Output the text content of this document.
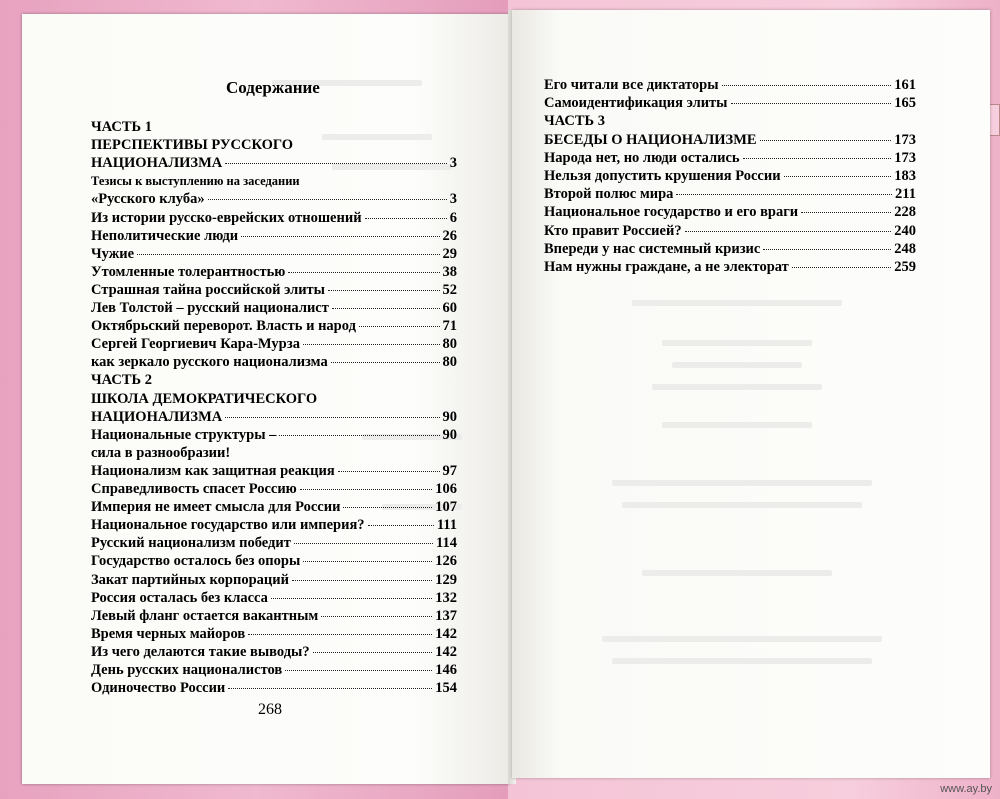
Содержание
ЧАСТЬ 1
ПЕРСПЕКТИВЫ РУССКОГО
НАЦИОНАЛИЗМА	3
Тезисы к выступлению на заседании
«Русского клуба»	3
Из истории русско-еврейских отношений	6
Неполитические люди	26
Чужие	29
Утомленные толерантностью	38
Страшная тайна российской элиты	52
Лев Толстой – русский националист	60
Октябрьский переворот. Власть и народ	71
Сергей Георгиевич Кара-Мурза	80
как зеркало русского национализма	80
ЧАСТЬ 2
ШКОЛА ДЕМОКРАТИЧЕСКОГО
НАЦИОНАЛИЗМА	90
Национальные структуры –	90
сила в разнообразии!
Национализм как защитная реакция	97
Справедливость спасет Россию	106
Империя не имеет смысла для России	107
Национальное государство или империя?	111
Русский национализм победит	114
Государство осталось без опоры	126
Закат партийных корпораций	129
Россия осталась без класса	132
Левый фланг остается вакантным	137
Время черных майоров	142
Из чего делаются такие выводы?	142
День русских националистов	146
Одиночество России	154
Его читали все диктаторы	161
Самоидентификация элиты	165
ЧАСТЬ 3
БЕСЕДЫ О НАЦИОНАЛИЗМЕ	173
Народа нет, но люди остались	173
Нельзя допустить крушения России	183
Второй полюс мира	211
Национальное государство и его враги	228
Кто правит Россией?	240
Впереди у нас системный кризис	248
Нам нужны граждане, а не электорат	259
268
www.ay.by
